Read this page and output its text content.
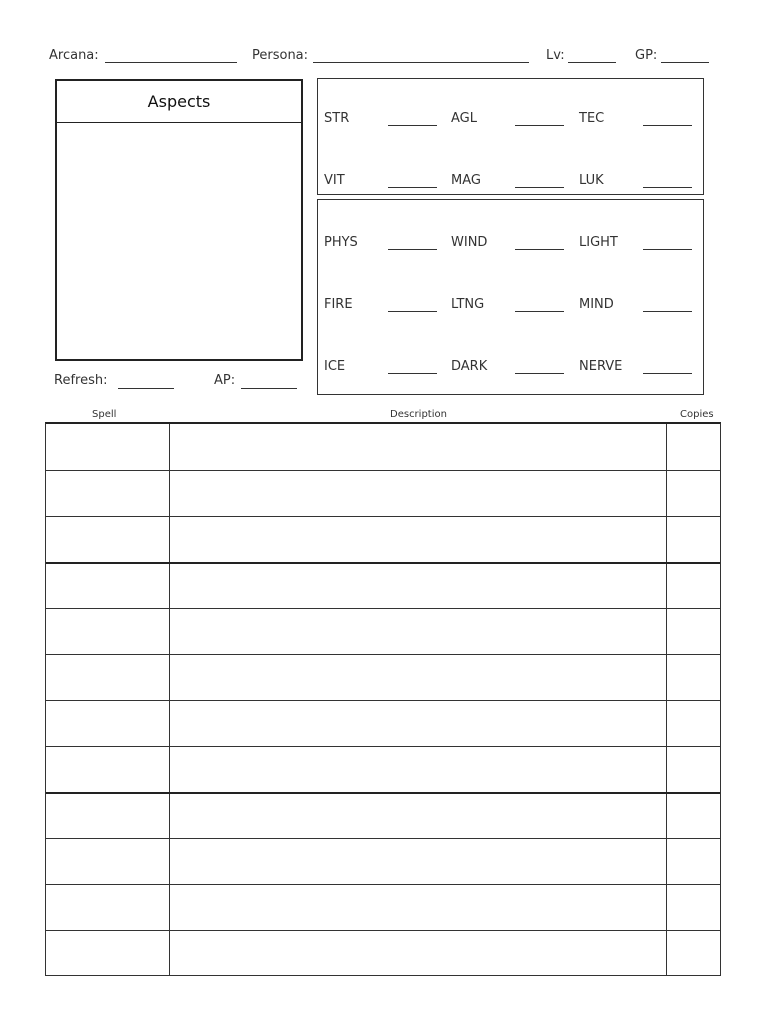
Arcana:	Persona:	Lv:	GP:
Aspects
Refresh:	AP:
STR	AGL	TEC
VIT	MAG	LUK
PHYS	WIND	LIGHT
FIRE	LTNG	MIND
ICE	DARK	NERVE
Spell	Description	Copies
